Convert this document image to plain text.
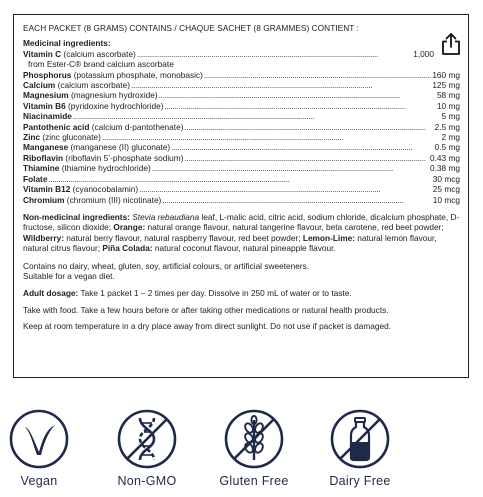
EACH PACKET (8 GRAMS) CONTAINS / CHAQUE SACHET (8 GRAMMES) CONTIENT :
Medicinal ingredients:
Vitamin C (calcium ascorbate) . . .	1,000
from Ester-C® brand calcium ascorbate
Phosphorus (potassium phosphate, monobasic) . . .	160 mg
Calcium (calcium ascorbate) . . .	125 mg
Magnesium (magnesium hydroxide) . . .	58 mg
Vitamin B6 (pyridoxine hydrochloride) . . .	10 mg
Niacinamide . . .	5 mg
Pantothenic acid (calcium d-pantothenate) . . .	2.5 mg
Zinc (zinc gluconate) . . .	2 mg
Manganese (manganese (II) gluconate) . . .	0.5 mg
Riboflavin (riboflavin 5’-phosphate sodium) . . .	0.43 mg
Thiamine (thiamine hydrochloride) . . .	0.38 mg
Folate . . .	30 mcg
Vitamin B12 (cyanocobalamin) . . .	25 mcg
Chromium (chromium (III) nicotinate) . . .	10 mcg

Non-medicinal ingredients: Stevia rebaudiana leaf, L-malic acid, citric acid, sodium chloride, dicalcium phosphate, D-fructose, silicon dioxide; Orange: natural orange flavour, natural tangerine flavour, beta carotene, red beet powder; Wildberry: natural berry flavour, natural raspberry flavour, red beet powder; Lemon-Lime: natural lemon flavour, natural citrus flavour; Piña Colada: natural coconut flavour, natural pineapple flavour.

Contains no dairy, wheat, gluten, soy, artificial colours, or artificial sweeteners.

Suitable for a vegan diet.

Adult dosage: Take 1 packet 1 – 2 times per day. Dissolve in 250 mL of water or to taste.

Take with food. Take a few hours before or after taking other medications or natural health products.

Keep at room temperature in a dry place away from direct sunlight. Do not use if packet is damaged.

Vegan	Non-GMO	Gluten Free	Dairy Free
